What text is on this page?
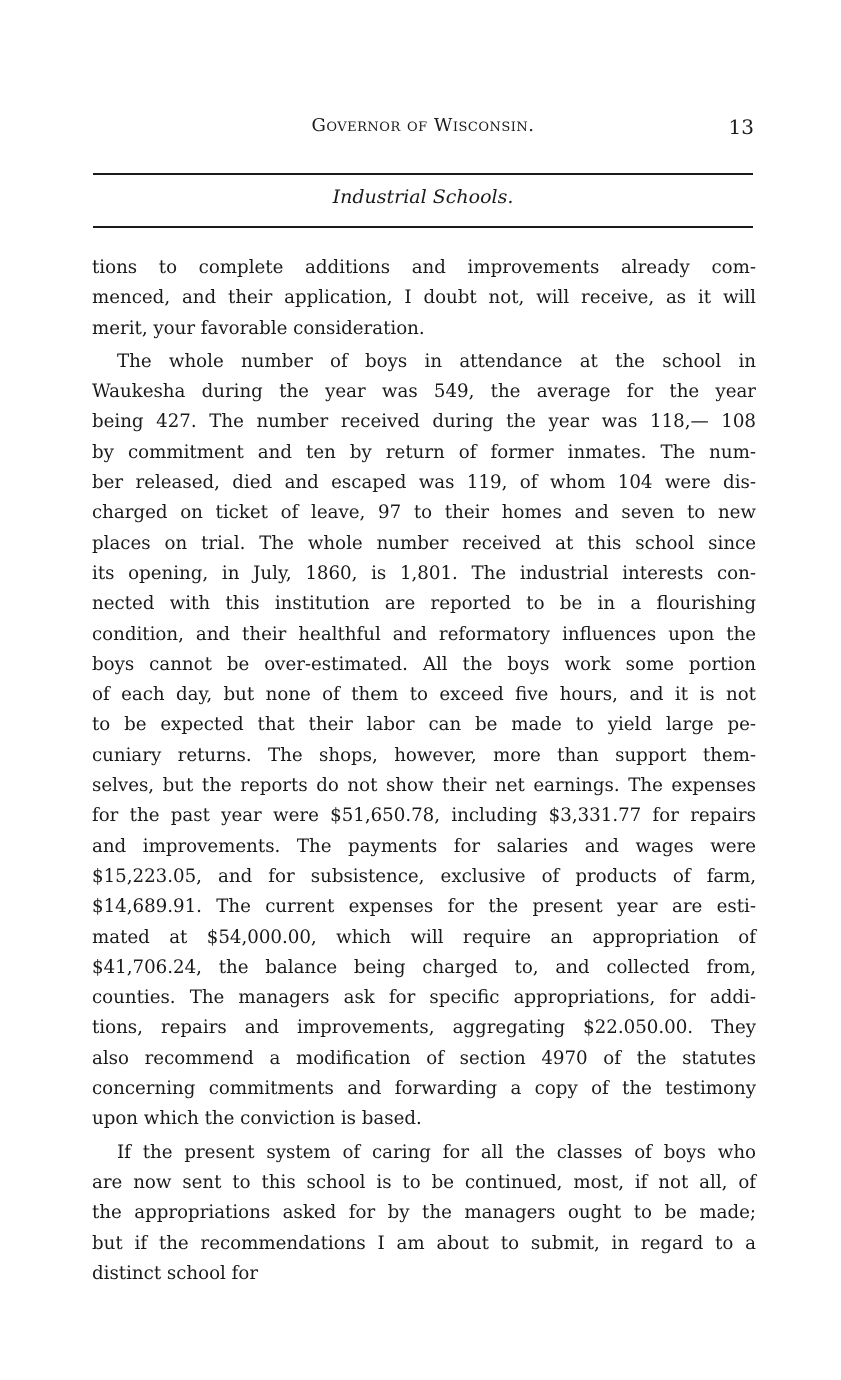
Governor of Wisconsin.	13
Industrial Schools.

tions to complete additions and improvements already com-
menced, and their application, I doubt not, will receive, as it will
merit, your favorable consideration.

The whole number of boys in attendance at the school in
Waukesha during the year was 549, the average for the year
being 427. The number received during the year was 118,— 108
by commitment and ten by return of former inmates. The num-
ber released, died and escaped was 119, of whom 104 were dis-
charged on ticket of leave, 97 to their homes and seven to new
places on trial. The whole number received at this school since
its opening, in July, 1860, is 1,801. The industrial interests con-
nected with this institution are reported to be in a flourishing
condition, and their healthful and reformatory influences upon the
boys cannot be over-estimated. All the boys work some portion
of each day, but none of them to exceed five hours, and it is not
to be expected that their labor can be made to yield large pe-
cuniary returns. The shops, however, more than support them-
selves, but the reports do not show their net earnings. The expenses
for the past year were $51,650.78, including $3,331.77 for repairs
and improvements. The payments for salaries and wages were
$15,223.05, and for subsistence, exclusive of products of farm,
$14,689.91. The current expenses for the present year are esti-
mated at $54,000.00, which will require an appropriation of
$41,706.24, the balance being charged to, and collected from,
counties. The managers ask for specific appropriations, for addi-
tions, repairs and improvements, aggregating $22.050.00. They
also recommend a modification of section 4970 of the statutes
concerning commitments and forwarding a copy of the testimony
upon which the conviction is based.

If the present system of caring for all the classes of boys who
are now sent to this school is to be continued, most, if not all, of
the appropriations asked for by the managers ought to be made;
but if the recommendations I am about to submit, in regard to a
distinct school for
